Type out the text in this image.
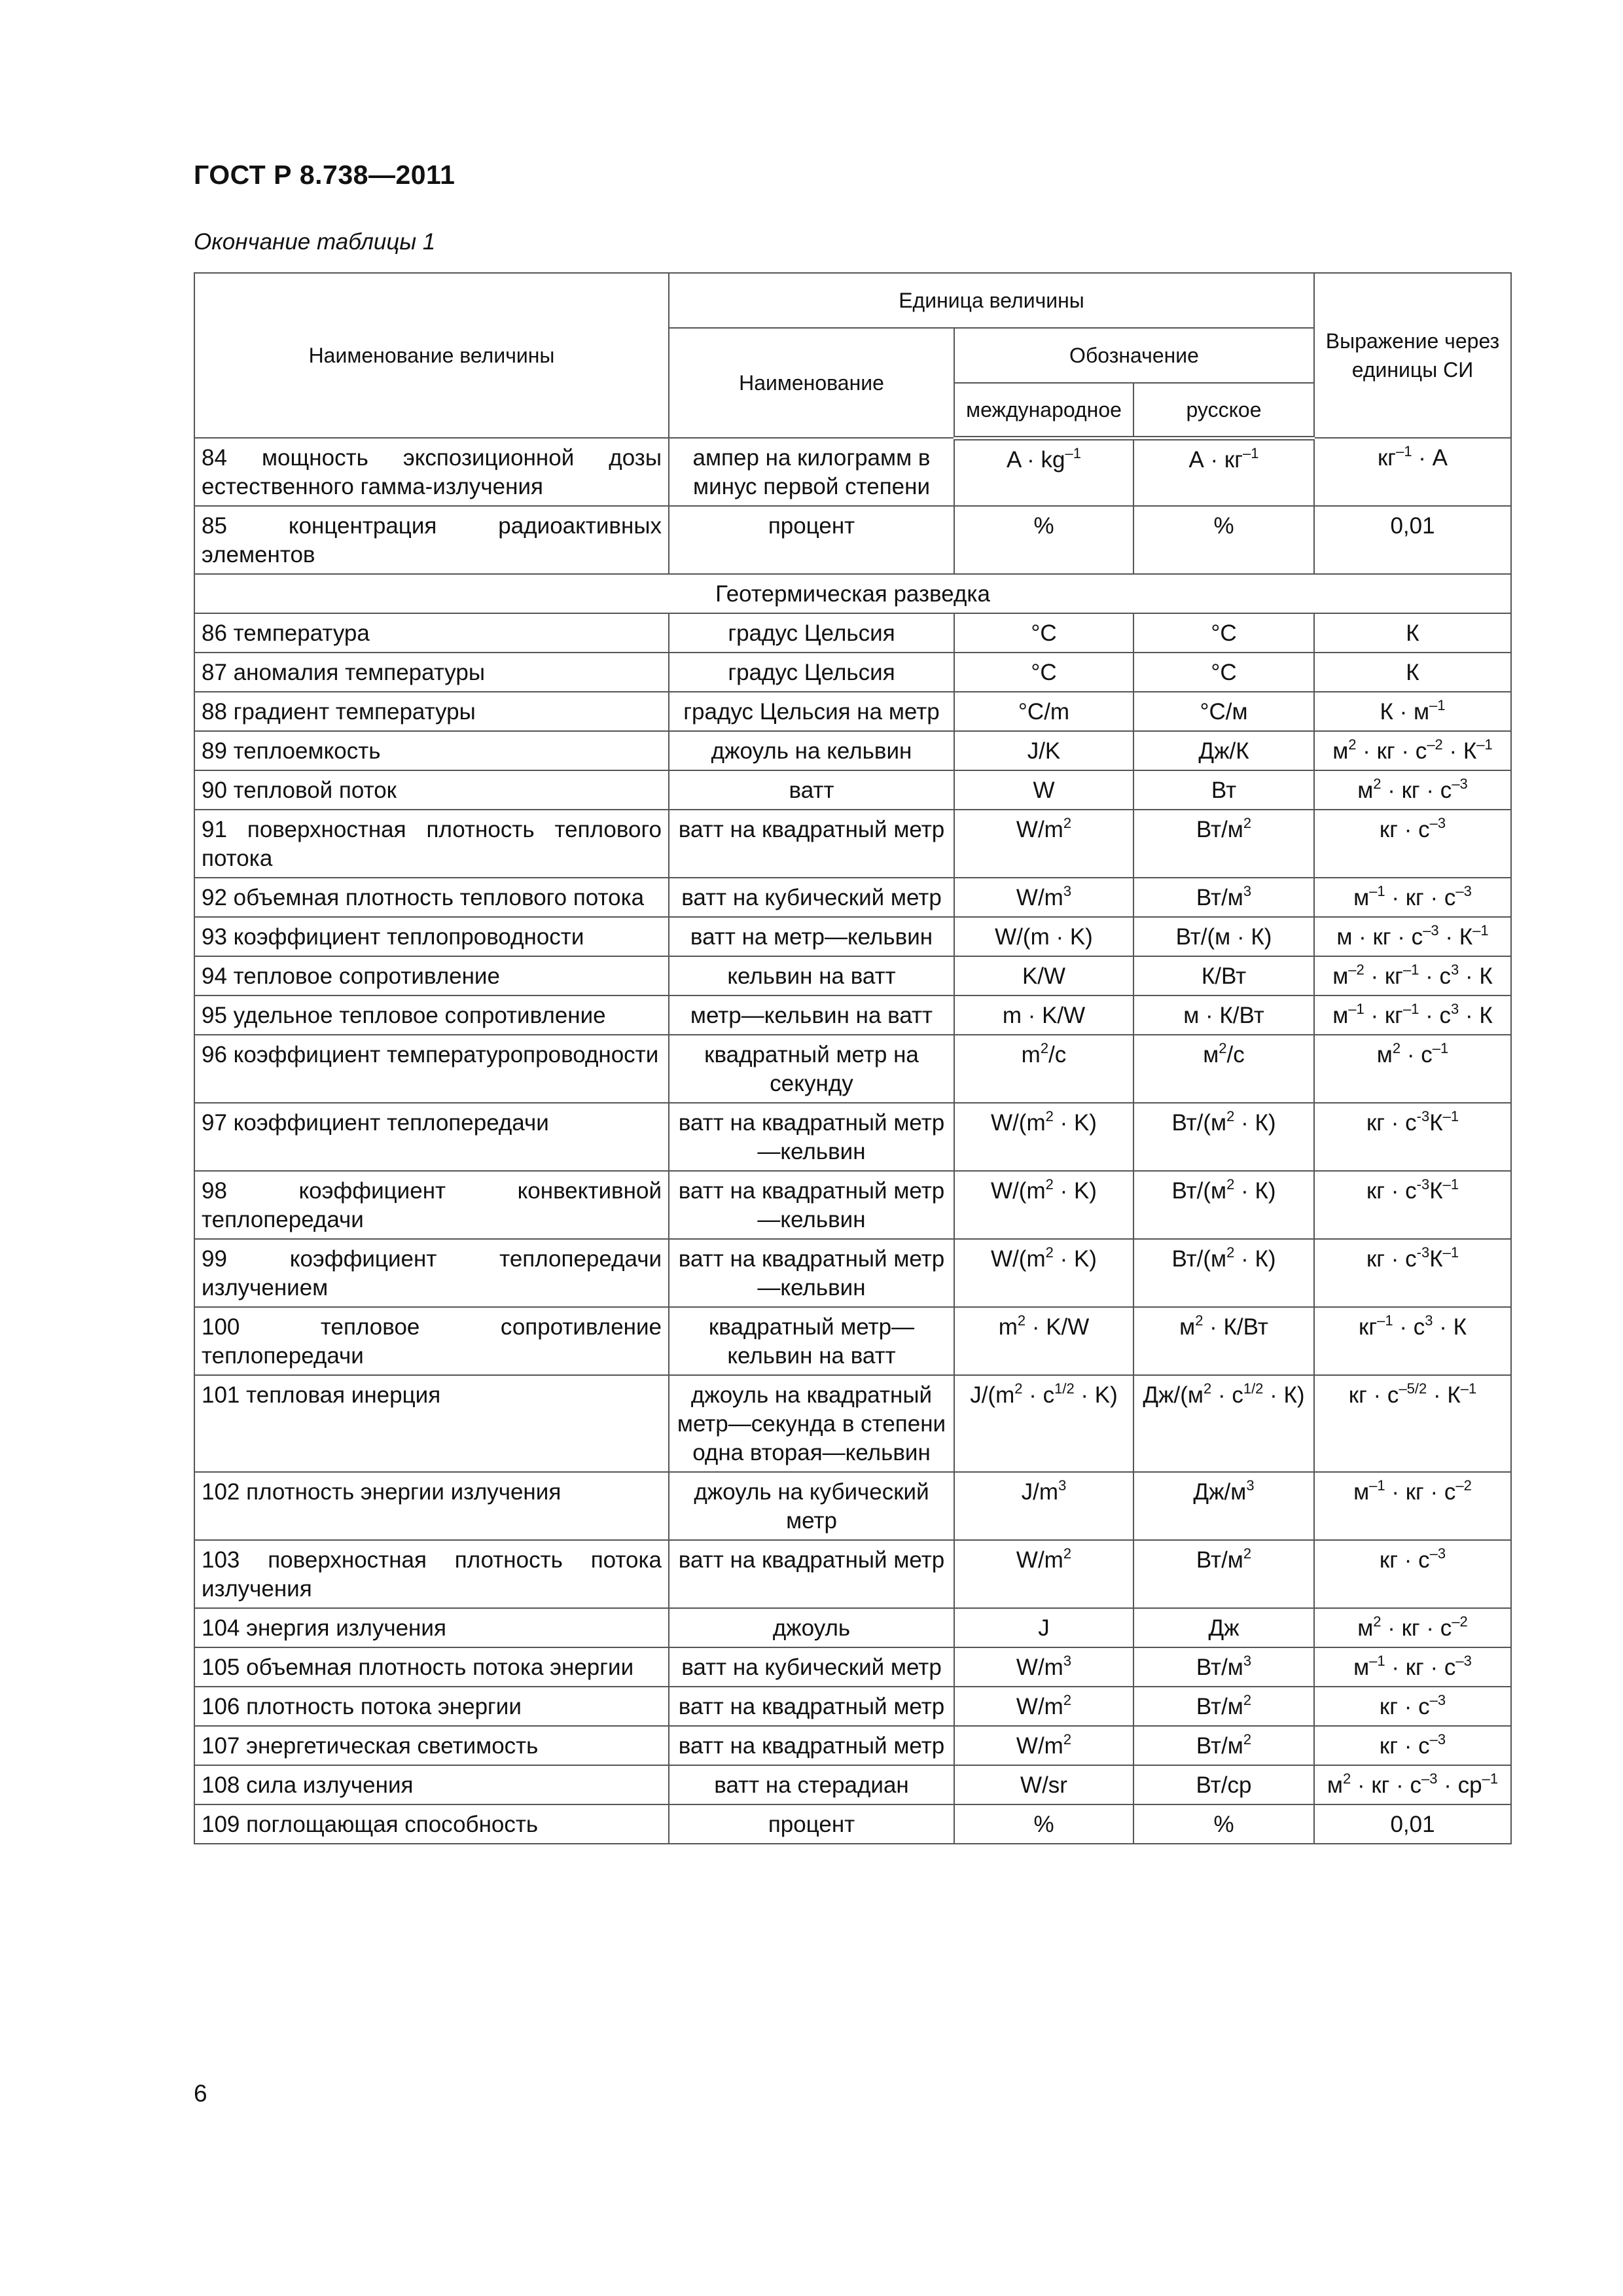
ГОСТ Р 8.738—2011
Окончание таблицы 1
Наименование величины	Единица величины			Выражение через единицы СИ
	Наименование	Обозначение		
		международное	русское	
84 мощность экспозиционной дозы естественного гамма-излучения	ампер на килограмм в минус первой степени	$A \cdot kg^{-1}$	$А \cdot кг^{-1}$	$кг^{-1} \cdot А$
85 концентрация радиоактивных элементов	процент	%	%	0,01
Геотермическая разведка				
86 температура	градус Цельсия	°C	°С	К
87 аномалия температуры	градус Цельсия	°C	°С	К
88 градиент температуры	градус Цельсия на метр	°C/m	°С/м	$К \cdot м^{-1}$
89 теплоемкость	джоуль на кельвин	J/K	Дж/К	$м^2$ · кг · $с^{-2} \cdot К^{-1}$
90 тепловой поток	ватт	W	Вт	$м^2$ · кг · $с^{-3}$
91 поверхностная плотность теплового потока	ватт на квадратный метр	$W/m^2$	$Вт/м^2$	кг · $с^{-3}$
92 объемная плотность теплового потока	ватт на кубический метр	$W/m^3$	$Вт/м^3$	$м^{-1}$ · кг · $с^{-3}$
93 коэффициент теплопроводности	ватт на метр—кельвин	W/(m · K)	Вт/(м · К)	м · кг · $с^{-3} \cdot К^{-1}$
94 тепловое сопротивление	кельвин на ватт	K/W	К/Вт	$м^{-2} \cdot кг^{-1} \cdot с^3 \cdot К$
95 удельное тепловое сопротивление	метр—кельвин на ватт	m · K/W	м · К/Вт	$м^{-1} \cdot кг^{-1} \cdot с^3 \cdot К$
96 коэффициент температуропроводности	квадратный метр на секунду	$m^2/c$	$м^2/с$	$м^2 \cdot с^{-1}$
97 коэффициент теплопередачи	ватт на квадратный метр—кельвин	$W/(m^2 \cdot K)$	$Вт/(м^2 \cdot К)$	кг · $с^{-3}К^{-1}$
98 коэффициент конвективной теплопередачи	ватт на квадратный метр—кельвин	$W/(m^2 \cdot K)$	$Вт/(м^2 \cdot К)$	кг · $с^{-3}К^{-1}$
99 коэффициент теплопередачи излучением	ватт на квадратный метр—кельвин	$W/(m^2 \cdot K)$	$Вт/(м^2 \cdot К)$	кг · $с^{-3}К^{-1}$
100 тепловое сопротивление теплопередачи	квадратный метр—кельвин на ватт	$m^2 \cdot K/W$	$м^2 \cdot К/Вт$	$кг^{-1} \cdot с^3 \cdot К$
101 тепловая инерция	джоуль на квадратный метр—секунда в степени одна вторая—кельвин	$J/(m^2 \cdot c^{1/2} \cdot K)$	$Дж/(м^2 \cdot с^{1/2} \cdot К)$	кг · $с^{-5/2} \cdot К^{-1}$
102 плотность энергии излучения	джоуль на кубический метр	$J/m^3$	$Дж/м^3$	$м^{-1}$ · кг · $с^{-2}$
103 поверхностная плотность потока излучения	ватт на квадратный метр	$W/m^2$	$Вт/м^2$	кг · $с^{-3}$
104 энергия излучения	джоуль	J	Дж	$м^2$ · кг · $с^{-2}$
105 объемная плотность потока энергии	ватт на кубический метр	$W/m^3$	$Вт/м^3$	$м^{-1}$ · кг · $с^{-3}$
106 плотность потока энергии	ватт на квадратный метр	$W/m^2$	$Вт/м^2$	кг · $с^{-3}$
107 энергетическая светимость	ватт на квадратный метр	$W/m^2$	$Вт/м^2$	кг · $с^{-3}$
108 сила излучения	ватт на стерадиан	W/sr	Вт/ср	$м^2$ · кг · $с^{-3} \cdot ср^{-1}$
109 поглощающая способность	процент	%	%	0,01
6
